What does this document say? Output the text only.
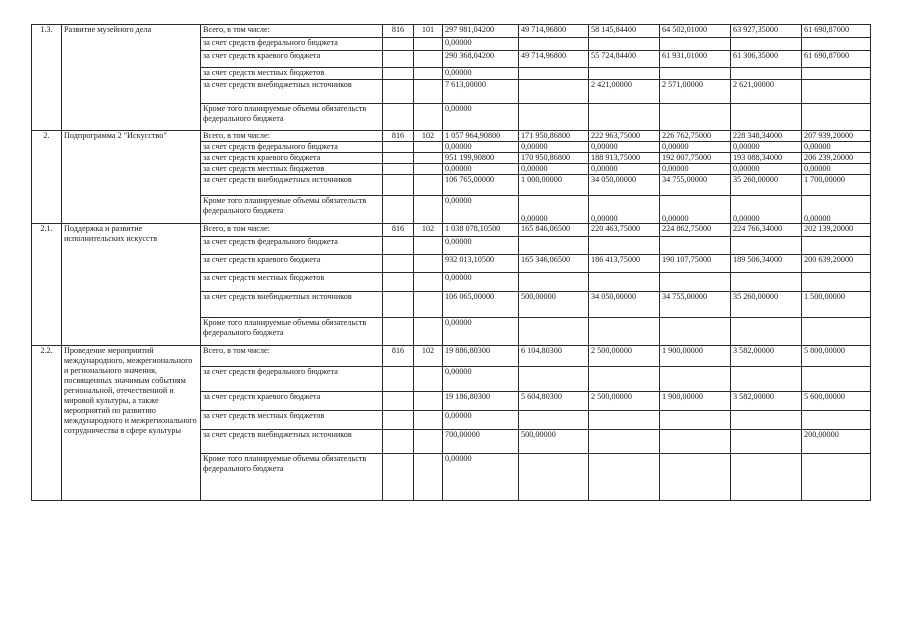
1.3.	Развитие музейного дела	Всего, в том числе:	816	101	297 981,04200	49 714,96800	58 145,84400	64 502,01000	63 927,35000	61 690,87000
		за счет средств федерального бюджета			0,00000					
		за счет средств краевого бюджета			290 368,04200	49 714,96800	55 724,84400	61 931,01000	61 306,35000	61 690,87000
		за счет средств местных бюджетов			0,00000					
		за счет средств внебюджетных источников			7 613,00000		2 421,00000	2 571,00000	2 621,00000	
		Кроме того планируемые объемы обязательств федерального бюджета			0,00000					
2.	Подпрограмма 2 "Искусство"	Всего, в том числе:	816	102	1 057 964,90800	171 950,86800	222 963,75000	226 762,75000	228 348,34000	207 939,20000
		за счет средств федерального бюджета			0,00000	0,00000	0,00000	0,00000	0,00000	0,00000
		за счет средств краевого бюджета			951 199,90800	170 950,86800	188 913,75000	192 007,75000	193 088,34000	206 239,20000
		за счет средств местных бюджетов			0,00000	0,00000	0,00000	0,00000	0,00000	0,00000
		за счет средств внебюджетных источников			106 765,00000	1 000,00000	34 050,00000	34 755,00000	35 260,00000	1 700,00000
		Кроме того планируемые объемы обязательств федерального бюджета			0,00000	0,00000	0,00000	0,00000	0,00000	0,00000
2.1.	Поддержка и развитие исполнительских искусств	Всего, в том числе:	816	102	1 038 078,10500	165 846,06500	220 463,75000	224 862,75000	224 766,34000	202 139,20000
		за счет средств федерального бюджета			0,00000					
		за счет средств краевого бюджета			932 013,10500	165 346,06500	186 413,75000	190 107,75000	189 506,34000	200 639,20000
		за счет средств местных бюджетов			0,00000					
		за счет средств внебюджетных источников			106 065,00000	500,00000	34 050,00000	34 755,00000	35 260,00000	1 500,00000
		Кроме того планируемые объемы обязательств федерального бюджета			0,00000					
2.2.	Проведение мероприятий международного, межрегионального и регионального значения, посвященных значимым событиям региональной, отечественной и мировой культуры, а также мероприятий по развитию международного и межрегионального сотрудничества в сфере культуры	Всего, в том числе:	816	102	19 886,80300	6 104,80300	2 500,00000	1 900,00000	3 582,00000	5 800,00000
		за счет средств федерального бюджета			0,00000					
		за счет средств краевого бюджета			19 186,80300	5 604,80300	2 500,00000	1 900,00000	3 582,00000	5 600,00000
		за счет средств местных бюджетов			0,00000					
		за счет средств внебюджетных источников			700,00000	500,00000				200,00000
		Кроме того планируемые объемы обязательств федерального бюджета			0,00000					
